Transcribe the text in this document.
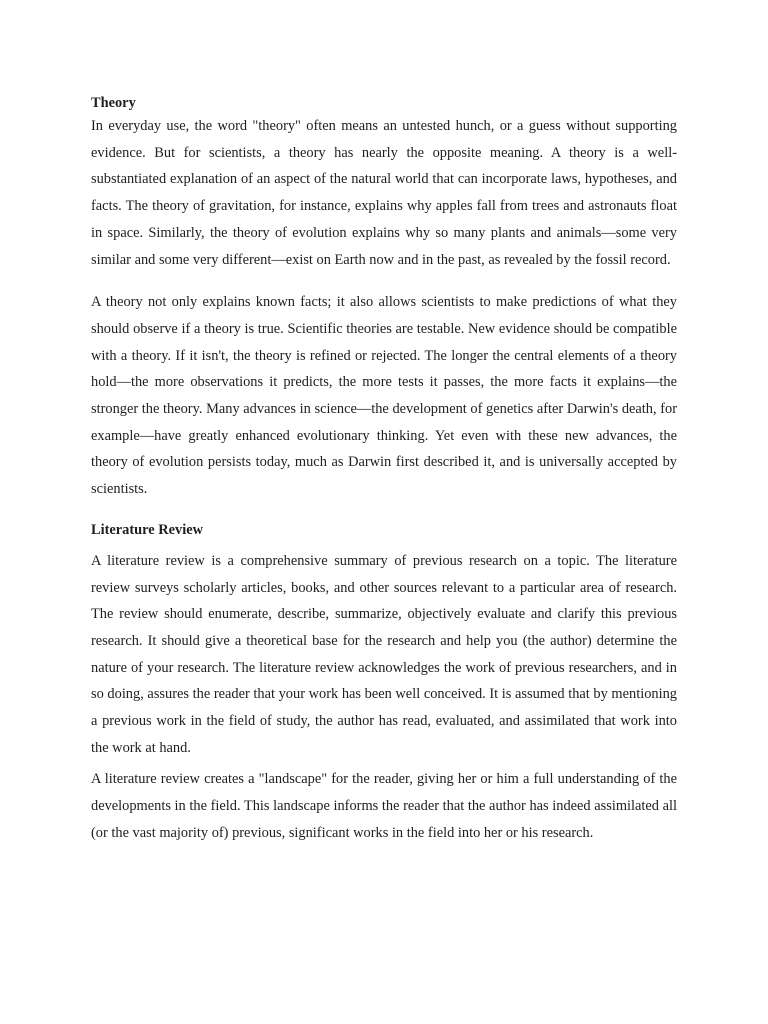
Theory

In everyday use, the word "theory" often means an untested hunch, or a guess without supporting evidence. But for scientists, a theory has nearly the opposite meaning. A theory is a well-substantiated explanation of an aspect of the natural world that can incorporate laws, hypotheses, and facts. The theory of gravitation, for instance, explains why apples fall from trees and astronauts float in space. Similarly, the theory of evolution explains why so many plants and animals—some very similar and some very different—exist on Earth now and in the past, as revealed by the fossil record.

A theory not only explains known facts; it also allows scientists to make predictions of what they should observe if a theory is true. Scientific theories are testable. New evidence should be compatible with a theory. If it isn't, the theory is refined or rejected. The longer the central elements of a theory hold—the more observations it predicts, the more tests it passes, the more facts it explains—the stronger the theory. Many advances in science—the development of genetics after Darwin's death, for example—have greatly enhanced evolutionary thinking. Yet even with these new advances, the theory of evolution persists today, much as Darwin first described it, and is universally accepted by scientists.

Literature Review

A literature review is a comprehensive summary of previous research on a topic. The literature review surveys scholarly articles, books, and other sources relevant to a particular area of research. The review should enumerate, describe, summarize, objectively evaluate and clarify this previous research. It should give a theoretical base for the research and help you (the author) determine the nature of your research. The literature review acknowledges the work of previous researchers, and in so doing, assures the reader that your work has been well conceived. It is assumed that by mentioning a previous work in the field of study, the author has read, evaluated, and assimilated that work into the work at hand.

A literature review creates a "landscape" for the reader, giving her or him a full understanding of the developments in the field. This landscape informs the reader that the author has indeed assimilated all (or the vast majority of) previous, significant works in the field into her or his research.
